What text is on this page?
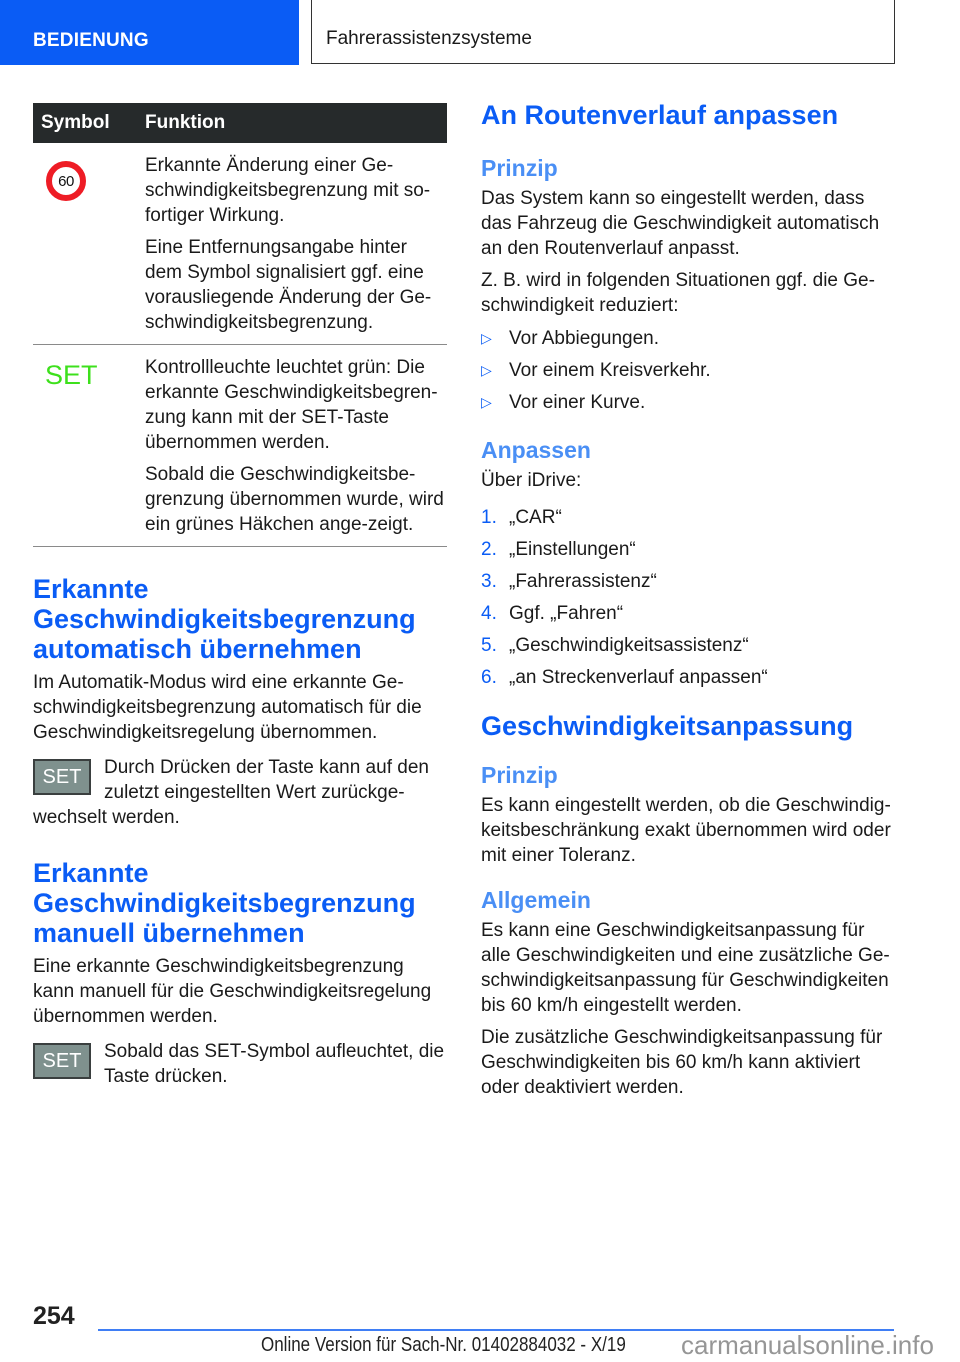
BEDIENUNG	Fahrerassistenzsysteme
Symbol	Funktion

60	Erkannte Änderung einer Ge-schwindigkeitsbegrenzung mit so-fortiger Wirkung.

Eine Entfernungsangabe hinter dem Symbol signalisiert ggf. eine vorausliegende Änderung der Ge-schwindigkeitsbegrenzung.

SET	Kontrollleuchte leuchtet grün: Die erkannte Geschwindigkeitsbegren-zung kann mit der SET-Taste übernommen werden.

Sobald die Geschwindigkeitsbe-grenzung übernommen wurde, wird ein grünes Häkchen ange-zeigt.

Erkannte Geschwindigkeitsbegrenzung automatisch übernehmen

Im Automatik-Modus wird eine erkannte Ge-schwindigkeitsbegrenzung automatisch für die Geschwindigkeitsregelung übernommen.

SET	Durch Drücken der Taste kann auf den zuletzt eingestellten Wert zurückge-wechselt werden.

Erkannte Geschwindigkeitsbegrenzung manuell übernehmen

Eine erkannte Geschwindigkeitsbegrenzung kann manuell für die Geschwindigkeitsregelung übernommen werden.

SET	Sobald das SET-Symbol aufleuchtet, die Taste drücken.

An Routenverlauf anpassen
Prinzip

Das System kann so eingestellt werden, dass das Fahrzeug die Geschwindigkeit automatisch an den Routenverlauf anpasst.

Z. B. wird in folgenden Situationen ggf. die Ge-schwindigkeit reduziert:

▷ Vor Abbiegungen.
▷ Vor einem Kreisverkehr.
▷ Vor einer Kurve.
Anpassen

Über iDrive:

1. „CAR“
2. „Einstellungen“
3. „Fahrerassistenz“
4. Ggf. „Fahren“
5. „Geschwindigkeitsassistenz“
6. „an Streckenverlauf anpassen“
Geschwindigkeitsanpassung
Prinzip

Es kann eingestellt werden, ob die Geschwindig-keitsbeschränkung exakt übernommen wird oder mit einer Toleranz.

Allgemein

Es kann eine Geschwindigkeitsanpassung für alle Geschwindigkeiten und eine zusätzliche Ge-schwindigkeitsanpassung für Geschwindigkeiten bis 60 km/h eingestellt werden.

Die zusätzliche Geschwindigkeitsanpassung für Geschwindigkeiten bis 60 km/h kann aktiviert oder deaktiviert werden.

254
Online Version für Sach-Nr. 01402884032 - X/19 carmanualsonline.info
